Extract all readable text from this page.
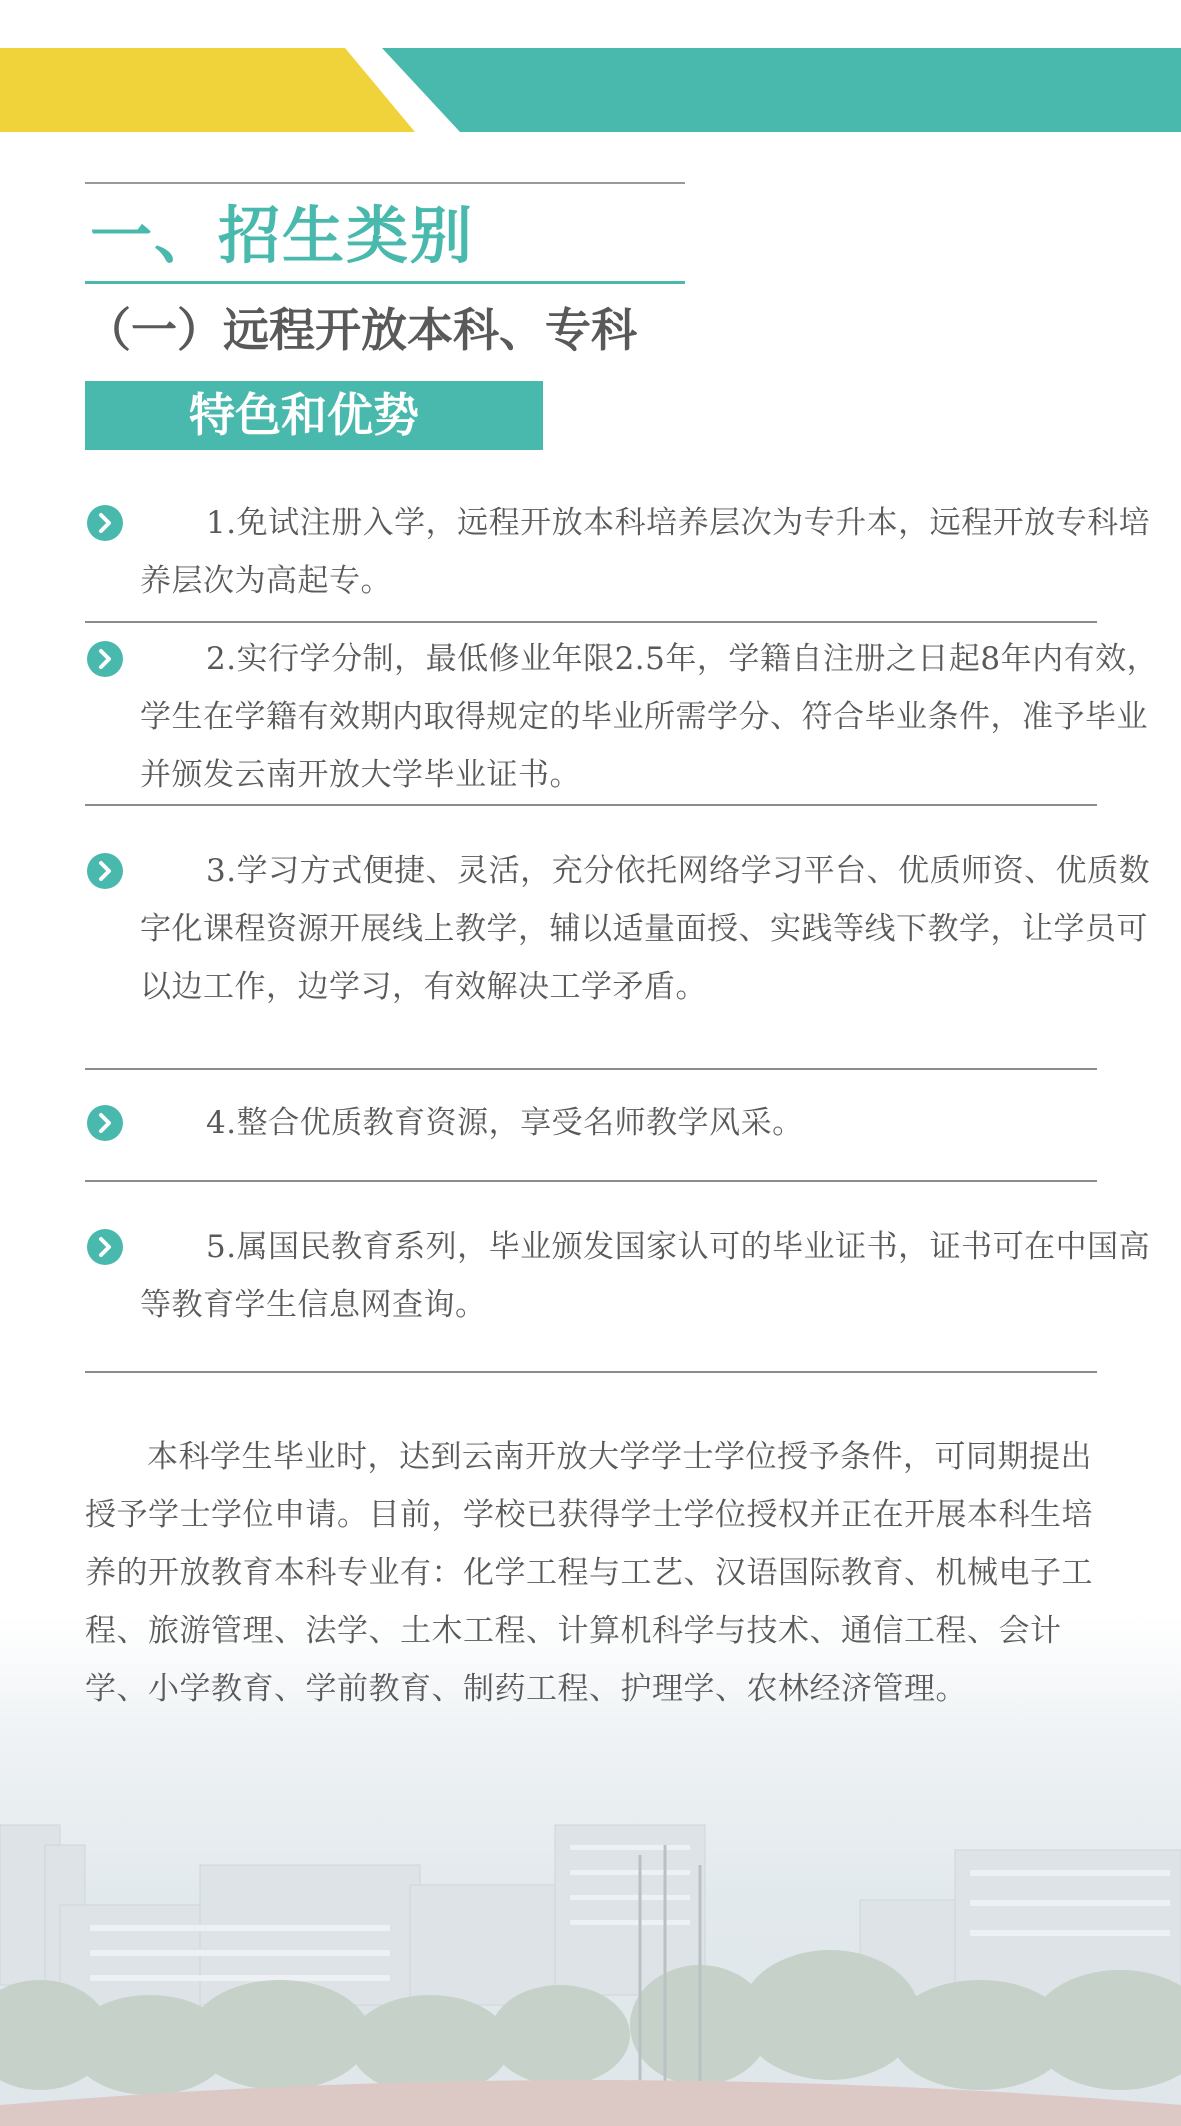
一、招生类别
（一）远程开放本科、专科
特色和优势
1.免试注册入学，远程开放本科培养层次为专升本，远程开放专科培养层次为高起专。
2.实行学分制，最低修业年限2.5年，学籍自注册之日起8年内有效，学生在学籍有效期内取得规定的毕业所需学分、符合毕业条件，准予毕业并颁发云南开放大学毕业证书。
3.学习方式便捷、灵活，充分依托网络学习平台、优质师资、优质数字化课程资源开展线上教学，辅以适量面授、实践等线下教学，让学员可以边工作，边学习，有效解决工学矛盾。
4.整合优质教育资源，享受名师教学风采。
5.属国民教育系列，毕业颁发国家认可的毕业证书，证书可在中国高等教育学生信息网查询。
本科学生毕业时，达到云南开放大学学士学位授予条件，可同期提出授予学士学位申请。目前，学校已获得学士学位授权并正在开展本科生培养的开放教育本科专业有：化学工程与工艺、汉语国际教育、机械电子工程、旅游管理、法学、土木工程、计算机科学与技术、通信工程、会计学、小学教育、学前教育、制药工程、护理学、农林经济管理。
